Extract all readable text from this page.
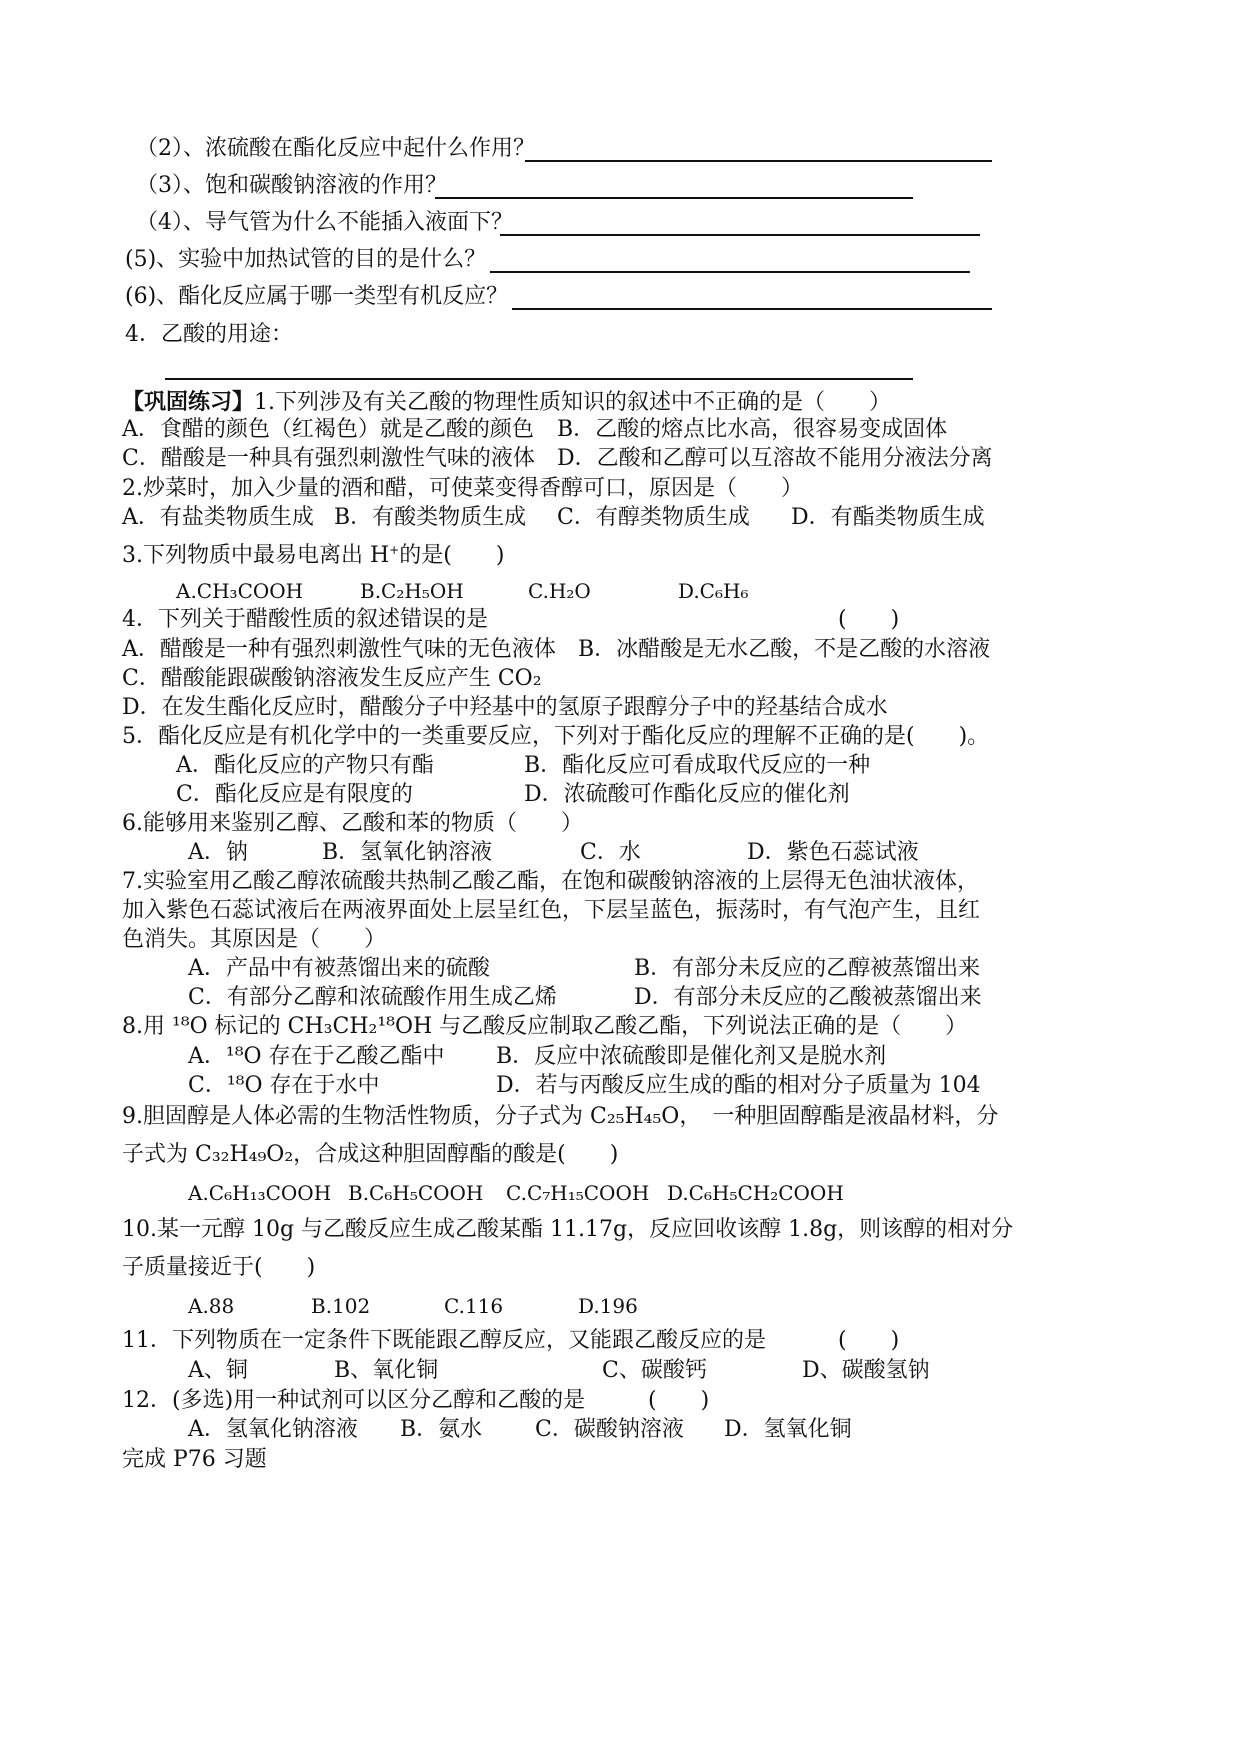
（2）、浓硫酸在酯化反应中起什么作用？
（3）、饱和碳酸钠溶液的作用？
（4）、导气管为什么不能插入液面下？
(5)、实验中加热试管的目的是什么？
(6)、酯化反应属于哪一类型有机反应？
4．乙酸的用途：
【巩固练习】1.下列涉及有关乙酸的物理性质知识的叙述中不正确的是（　　）
A．食醋的颜色（红褐色）就是乙酸的颜色 B．乙酸的熔点比水高，很容易变成固体
C．醋酸是一种具有强烈刺激性气味的液体 D．乙酸和乙醇可以互溶故不能用分液法分离
2.炒菜时，加入少量的酒和醋，可使菜变得香醇可口，原因是（　　）
A．有盐类物质生成 B．有酸类物质生成 C．有醇类物质生成 D．有酯类物质生成
3.下列物质中最易电离出 H+的是(　　)
A.CH₃COOH	B.C₂H₅OH	C.H₂O	D.C₆H₆
4．下列关于醋酸性质的叙述错误的是	(　　)
A．醋酸是一种有强烈刺激性气味的无色液体 B．冰醋酸是无水乙酸，不是乙酸的水溶液
C．醋酸能跟碳酸钠溶液发生反应产生 CO₂
D．在发生酯化反应时，醋酸分子中羟基中的氢原子跟醇分子中的羟基结合成水
5．酯化反应是有机化学中的一类重要反应，下列对于酯化反应的理解不正确的是(　　)。
A．酯化反应的产物只有酯	B．酯化反应可看成取代反应的一种
C．酯化反应是有限度的	D．浓硫酸可作酯化反应的催化剂
6.能够用来鉴别乙醇、乙酸和苯的物质（　　）
A．钠	B．氢氧化钠溶液	C．水	D．紫色石蕊试液
7.实验室用乙酸乙醇浓硫酸共热制乙酸乙酯，在饱和碳酸钠溶液的上层得无色油状液体，
加入紫色石蕊试液后在两液界面处上层呈红色，下层呈蓝色，振荡时，有气泡产生，且红
色消失。其原因是（　　）
A．产品中有被蒸馏出来的硫酸	B．有部分未反应的乙醇被蒸馏出来
C．有部分乙醇和浓硫酸作用生成乙烯	D．有部分未反应的乙酸被蒸馏出来
8.用 ¹⁸O 标记的 CH₃CH₂¹⁸OH 与乙酸反应制取乙酸乙酯，下列说法正确的是（　　）
A．¹⁸O 存在于乙酸乙酯中 B．反应中浓硫酸即是催化剂又是脱水剂
C．¹⁸O 存在于水中	D．若与丙酸反应生成的酯的相对分子质量为 104
9.胆固醇是人体必需的生物活性物质，分子式为 C₂₅H₄₅O，　一种胆固醇酯是液晶材料，分
子式为 C₃₂H₄₉O₂，合成这种胆固醇酯的酸是(　　)
A.C₆H₁₃COOH B.C₆H₅COOH C.C₇H₁₅COOH D.C₆H₅CH₂COOH
10.某一元醇 10g 与乙酸反应生成乙酸某酯 11.17g，反应回收该醇 1.8g，则该醇的相对分
子质量接近于(　　)
A.88	B.102	C.116	D.196
11．下列物质在一定条件下既能跟乙醇反应，又能跟乙酸反应的是	(　　)
A、铜	B、氧化铜	C、碳酸钙	D、碳酸氢钠
12．(多选)用一种试剂可以区分乙醇和乙酸的是	(　　)
A．氢氧化钠溶液 B．氨水 C．碳酸钠溶液 D．氢氧化铜
完成 P76 习题
